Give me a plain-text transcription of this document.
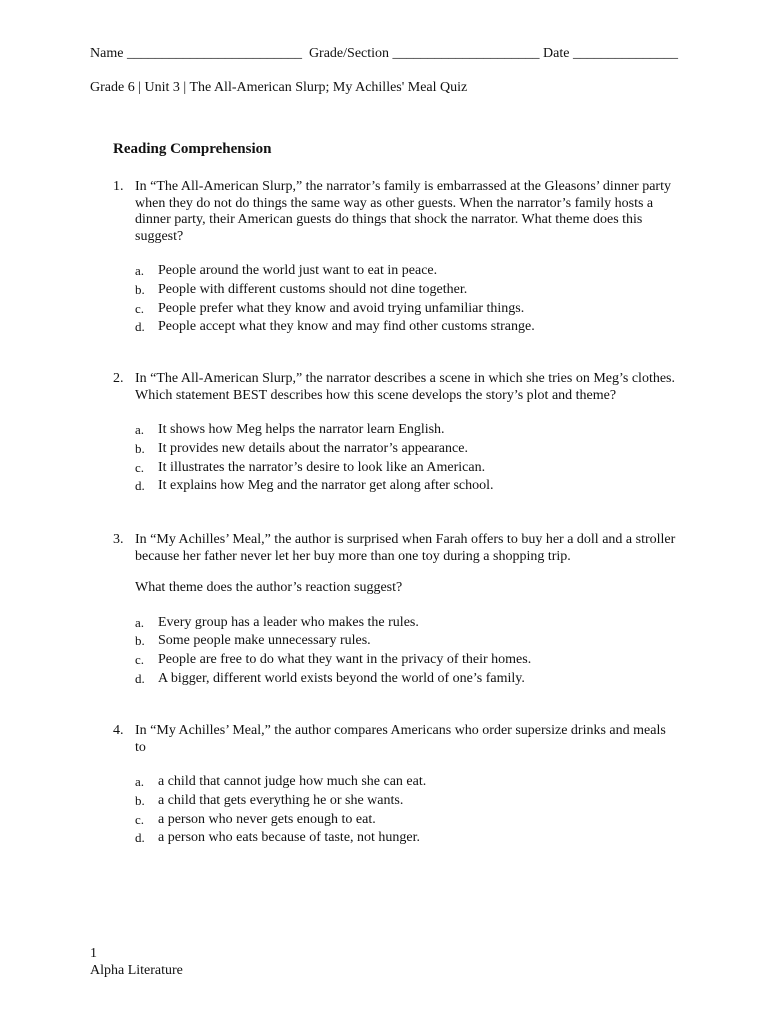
Name _________________________ Grade/Section _____________________ Date _______________
Grade 6 | Unit 3 | The All-American Slurp; My Achilles' Meal Quiz
Reading Comprehension
1. In “The All-American Slurp,” the narrator’s family is embarrassed at the Gleasons’ dinner party when they do not do things the same way as other guests. When the narrator’s family hosts a dinner party, their American guests do things that shock the narrator. What theme does this suggest?
a. People around the world just want to eat in peace.
b. People with different customs should not dine together.
c. People prefer what they know and avoid trying unfamiliar things.
d. People accept what they know and may find other customs strange.
2. In “The All-American Slurp,” the narrator describes a scene in which she tries on Meg’s clothes. Which statement BEST describes how this scene develops the story’s plot and theme?
a. It shows how Meg helps the narrator learn English.
b. It provides new details about the narrator’s appearance.
c. It illustrates the narrator’s desire to look like an American.
d. It explains how Meg and the narrator get along after school.
3. In “My Achilles’ Meal,” the author is surprised when Farah offers to buy her a doll and a stroller because her father never let her buy more than one toy during a shopping trip.
What theme does the author’s reaction suggest?
a. Every group has a leader who makes the rules.
b. Some people make unnecessary rules.
c. People are free to do what they want in the privacy of their homes.
d. A bigger, different world exists beyond the world of one’s family.
4. In “My Achilles’ Meal,” the author compares Americans who order supersize drinks and meals to
a. a child that cannot judge how much she can eat.
b. a child that gets everything he or she wants.
c. a person who never gets enough to eat.
d. a person who eats because of taste, not hunger.
1
Alpha Literature
